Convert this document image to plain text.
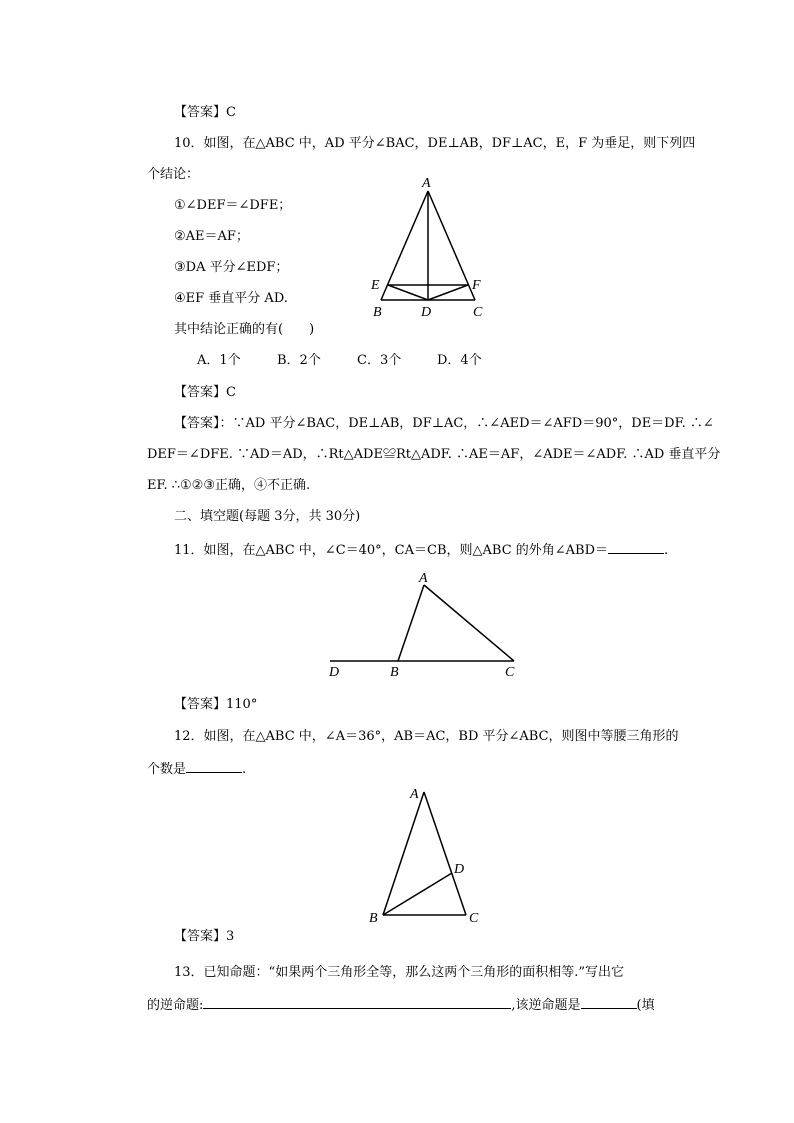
【答案】C
10．如图，在△ABC 中，AD 平分∠BAC，DE⊥AB，DF⊥AC，E，F 为垂足，则下列四
个结论：
①∠DEF＝∠DFE；
②AE＝AF；
③DA 平分∠EDF；
④EF 垂直平分 AD.
其中结论正确的有(　　)
A．1个	B．2个	C．3个	D．4个
【答案】C
【答案】：∵AD 平分∠BAC，DE⊥AB，DF⊥AC，∴∠AED＝∠AFD＝90°，DE＝DF. ∴∠
DEF＝∠DFE. ∵AD＝AD，∴Rt△ADE≌Rt△ADF. ∴AE＝AF，∠ADE＝∠ADF. ∴AD 垂直平分
EF. ∴①②③正确，④不正确.
二、填空题(每题 3分，共 30分)
11．如图，在△ABC 中，∠C＝40°，CA＝CB，则△ABC 的外角∠ABD＝	.
【答案】110°
12．如图，在△ABC 中，∠A＝36°，AB＝AC，BD 平分∠ABC，则图中等腰三角形的
个数是	.
【答案】3
13．已知命题：“如果两个三角形全等，那么这两个三角形的面积相等.”写出它
的逆命题:	,该逆命题是	(填
A
E	F
B	D	C
A
D	B	C
A
D
B	C
